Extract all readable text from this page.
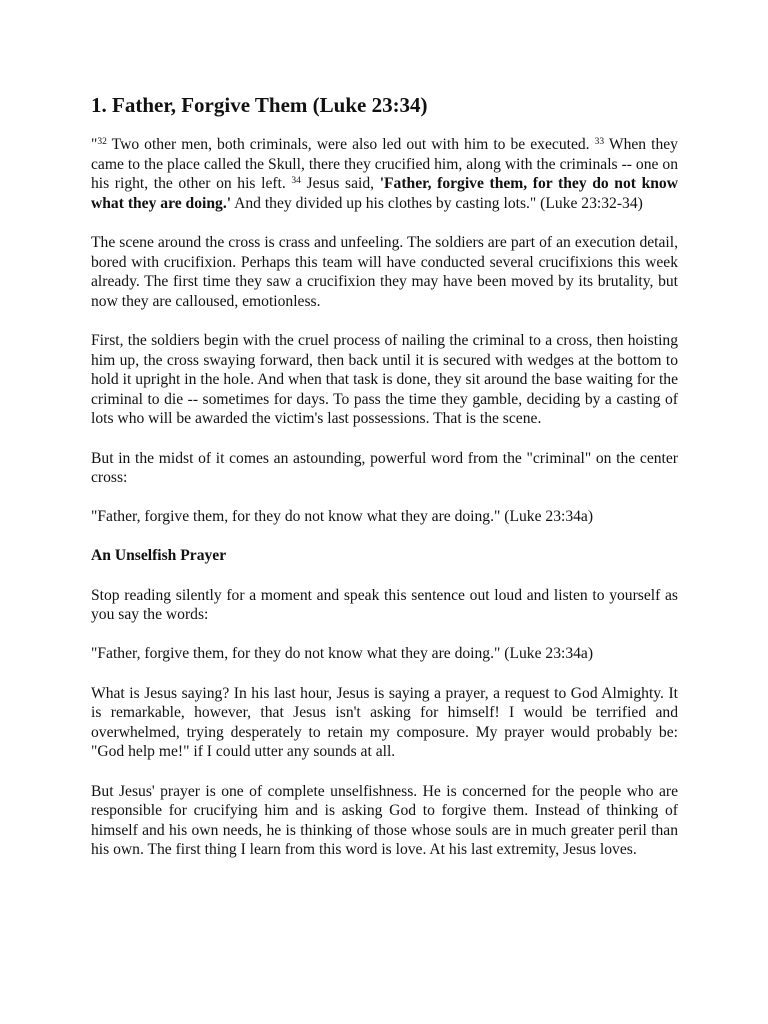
1. Father, Forgive Them (Luke 23:34)

"$^{32}$ Two other men, both criminals, were also led out with him to be executed. $^{33}$ When they came to the place called the Skull, there they crucified him, along with the criminals -- one on his right, the other on his left. $^{34}$ Jesus said, 'Father, forgive them, for they do not know what they are doing.' And they divided up his clothes by casting lots." (Luke 23:32-34)

The scene around the cross is crass and unfeeling. The soldiers are part of an execution detail, bored with crucifixion. Perhaps this team will have conducted several crucifixions this week already. The first time they saw a crucifixion they may have been moved by its brutality, but now they are calloused, emotionless.

First, the soldiers begin with the cruel process of nailing the criminal to a cross, then hoisting him up, the cross swaying forward, then back until it is secured with wedges at the bottom to hold it upright in the hole. And when that task is done, they sit around the base waiting for the criminal to die -- sometimes for days. To pass the time they gamble, deciding by a casting of lots who will be awarded the victim's last possessions. That is the scene.

But in the midst of it comes an astounding, powerful word from the "criminal" on the center cross:

"Father, forgive them, for they do not know what they are doing." (Luke 23:34a)

An Unselfish Prayer

Stop reading silently for a moment and speak this sentence out loud and listen to yourself as you say the words:

"Father, forgive them, for they do not know what they are doing." (Luke 23:34a)

What is Jesus saying? In his last hour, Jesus is saying a prayer, a request to God Almighty. It is remarkable, however, that Jesus isn't asking for himself! I would be terrified and overwhelmed, trying desperately to retain my composure. My prayer would probably be: "God help me!" if I could utter any sounds at all.

But Jesus' prayer is one of complete unselfishness. He is concerned for the people who are responsible for crucifying him and is asking God to forgive them. Instead of thinking of himself and his own needs, he is thinking of those whose souls are in much greater peril than his own. The first thing I learn from this word is love. At his last extremity, Jesus loves.
